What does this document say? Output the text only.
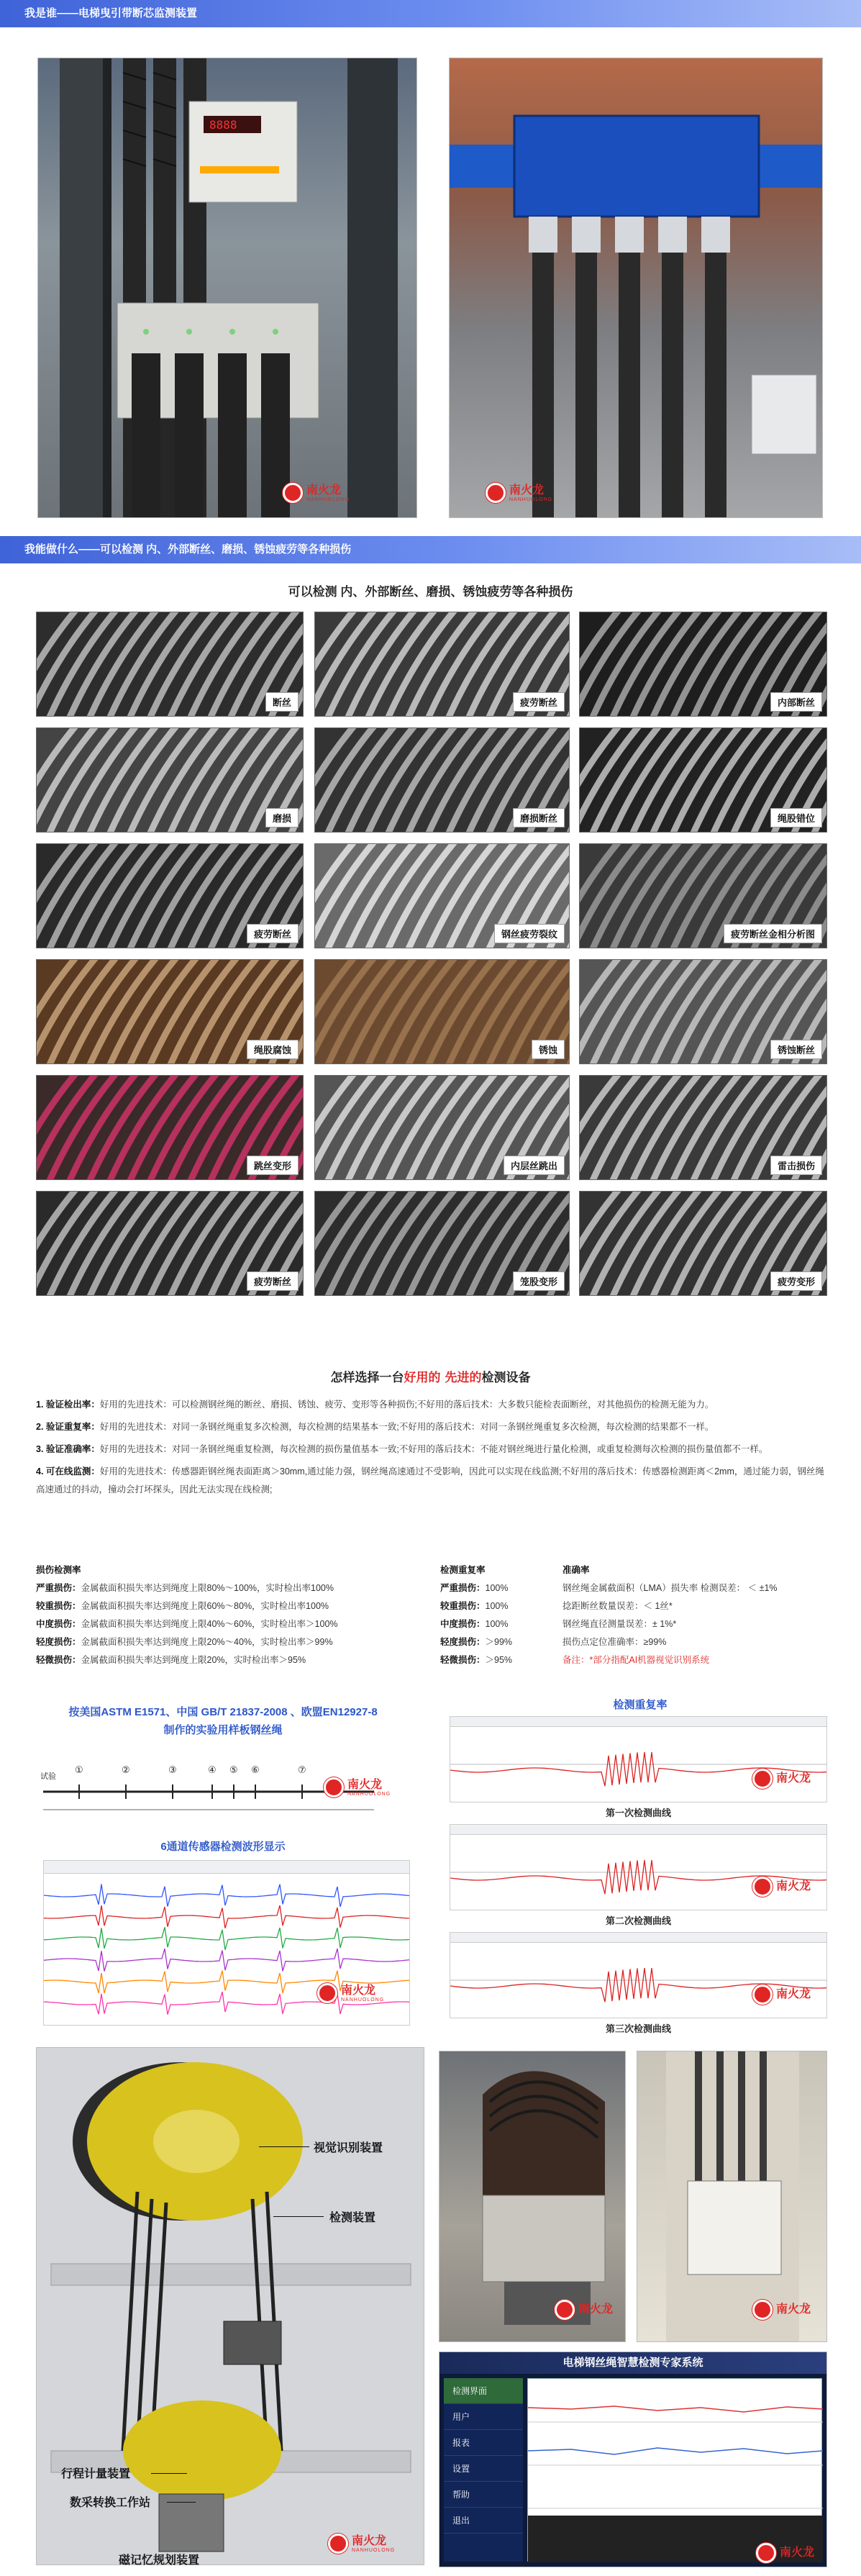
我是谁——电梯曳引带断芯监测装置
8888
南火龙
NANHUOLONG
南火龙
NANHUOLONG
我能做什么——可以检测 内、外部断丝、磨损、锈蚀疲劳等各种损伤
可以检测 内、外部断丝、磨损、锈蚀疲劳等各种损伤
断丝	疲劳断丝	内部断丝
磨损	磨损断丝	绳股错位
疲劳断丝	钢丝疲劳裂纹	疲劳断丝金相分析图
绳股腐蚀	锈蚀	锈蚀断丝
跳丝变形	内层丝跳出	雷击损伤
疲劳断丝	笼股变形	疲劳变形
怎样选择一台好用的 先进的检测设备

1. 验证检出率：好用的先进技术：可以检测钢丝绳的断丝、磨损、锈蚀、疲劳、变形等各种损伤;不好用的落后技术：大多数只能检表面断丝，对其他损伤的检测无能为力。

2. 验证重复率：好用的先进技术：对同一条钢丝绳重复多次检测，每次检测的结果基本一致;不好用的落后技术：对同一条钢丝绳重复多次检测，每次检测的结果都不一样。

3. 验证准确率：好用的先进技术：对同一条钢丝绳重复检测，每次检测的损伤量值基本一致;不好用的落后技术：不能对钢丝绳进行量化检测，或重复检测每次检测的损伤量值都不一样。

4. 可在线监测：好用的先进技术：传感器距钢丝绳表面距离＞30mm,通过能力强，钢丝绳高速通过不受影响，因此可以实现在线监测;不好用的落后技术：传感器检测距离＜2mm，通过能力弱，钢丝绳高速通过的抖动，撞动会打坏探头，因此无法实现在线检测;

损伤检测率
严重损伤：金属截面积损失率达到绳度上限80%～100%，实时检出率100%
较重损伤：金属截面积损失率达到绳度上限60%～80%，实时检出率100%
中度损伤：金属截面积损失率达到绳度上限40%～60%，实时检出率＞100%
轻度损伤：金属截面积损失率达到绳度上限20%～40%，实时检出率＞99%
轻微损伤：金属截面积损失率达到绳度上限20%，实时检出率＞95%
检测重复率
严重损伤：100%
较重损伤：100%
中度损伤：100%
轻度损伤：＞99%
轻微损伤：＞95%
准确率
钢丝绳金属截面积（LMA）损失率 检测误差： ＜ ±1%
捻距断丝数量误差：＜ 1丝*
钢丝绳直径测量误差：± 1%*
损伤点定位准确率：≥99%
备注：*部分指配AI机器视觉识别系统
按美国ASTM E1571、中国 GB/T 21837-2008 、欧盟EN12927-8
制作的实验用样板钢丝绳
试验
①	②	③	④ ⑤ ⑥	⑦
南火龙
NANHUOLONG
6通道传感器检测波形显示
南火龙
NANHUOLONG
检测重复率
南火龙
第一次检测曲线
南火龙
第二次检测曲线
南火龙
第三次检测曲线
南火龙
NANHUOLONG
视觉识别装置
检测装置
行程计量装置
数采转换工作站
磁记忆规划装置
南火龙	南火龙
电梯钢丝绳智慧检测专家系统
检测界面
用户
报表
设置
帮助
退出
南火龙
